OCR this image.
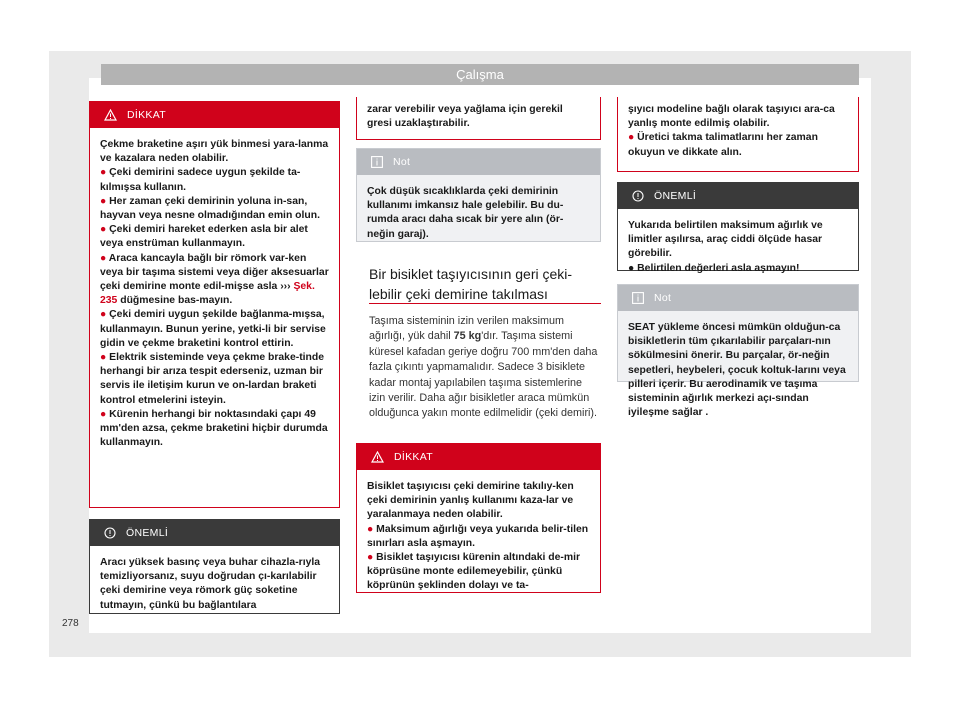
Çalışma
DİKKAT

Çekme braketine aşırı yük binmesi yara-lanma ve kazalara neden olabilir.

● Çeki demirini sadece uygun şekilde ta-kılmışsa kullanın.
● Her zaman çeki demirinin yoluna in-san, hayvan veya nesne olmadığından emin olun.
● Çeki demiri hareket ederken asla bir alet veya enstrüman kullanmayın.
● Araca kancayla bağlı bir römork var-ken veya bir taşıma sistemi veya diğer aksesuarlar çeki demirine monte edil-mişse asla ››› Şek. 235 düğmesine bas-mayın.
● Çeki demiri uygun şekilde bağlanma-mışsa, kullanmayın. Bunun yerine, yetki-li bir servise gidin ve çekme braketini kontrol ettirin.
● Elektrik sisteminde veya çekme brake-tinde herhangi bir arıza tespit ederseniz, uzman bir servis ile iletişim kurun ve on-lardan braketi kontrol etmelerini isteyin.
● Kürenin herhangi bir noktasındaki çapı 49 mm'den azsa, çekme braketini hiçbir durumda kullanmayın.
ÖNEMLİ
Aracı yüksek basınç veya buhar cihazla-rıyla temizliyorsanız, suyu doğrudan çı-karılabilir çeki demirine veya römork güç soketine tutmayın, çünkü bu bağlantılara
zarar verebilir veya yağlama için gerekil gresi uzaklaştırabilir.
Not
Çok düşük sıcaklıklarda çeki demirinin kullanımı imkansız hale gelebilir. Bu du-rumda aracı daha sıcak bir yere alın (ör-neğin garaj).
Bir bisiklet taşıyıcısının geri çeki-lebilir çeki demirine takılması
Taşıma sisteminin izin verilen maksimum ağırlığı, yük dahil 75 kg'dır. Taşıma sistemi küresel kafadan geriye doğru 700 mm'den daha fazla çıkıntı yapmamalıdır. Sadece 3 bisiklete kadar montaj yapılabilen taşıma sistemlerine izin verilir. Daha ağır bisikletler araca mümkün olduğunca yakın monte edilmelidir (çeki demiri).
DİKKAT

Bisiklet taşıyıcısı çeki demirine takılıy-ken çeki demirinin yanlış kullanımı kaza-lar ve yaralanmaya neden olabilir.

● Maksimum ağırlığı veya yukarıda belir-tilen sınırları asla aşmayın.
● Bisiklet taşıyıcısı kürenin altındaki de-mir köprüsüne monte edilemeyebilir, çünkü köprünün şeklinden dolayı ve ta-

şıyıcı modeline bağlı olarak taşıyıcı ara-ca yanlış monte edilmiş olabilir.

● Üretici takma talimatlarını her zaman okuyun ve dikkate alın.
ÖNEMLİ

Yukarıda belirtilen maksimum ağırlık ve limitler aşılırsa, araç ciddi ölçüde hasar görebilir.

● Belirtilen değerleri asla aşmayın!
Not
SEAT yükleme öncesi mümkün olduğun-ca bisikletlerin tüm çıkarılabilir parçaları-nın sökülmesini önerir. Bu parçalar, ör-neğin sepetleri, heybeleri, çocuk koltuk-larını veya pilleri içerir. Bu aerodinamik ve taşıma sisteminin ağırlık merkezi açı-sından iyileşme sağlar .
278
